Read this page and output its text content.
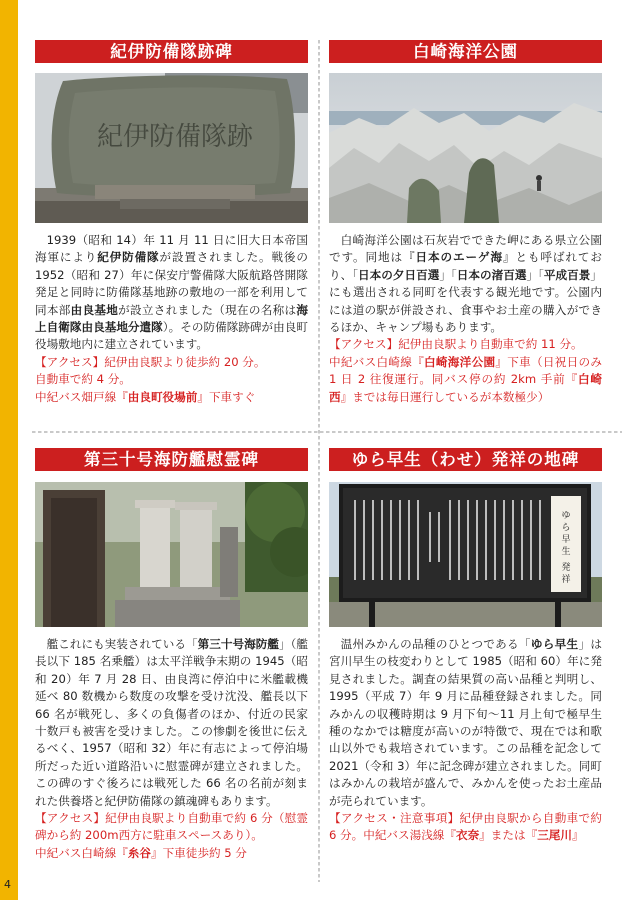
紀伊防備隊跡碑
紀伊防備隊跡
1939（昭和 14）年 11 月 11 日に旧大日本帝国海軍により紀伊防備隊が設置されました。戦後の 1952（昭和 27）年に保安庁警備隊大阪航路啓開隊発足と同時に防備隊基地跡の敷地の一部を利用して同本部由良基地が設立されました（現在の名称は海上自衛隊由良基地分遣隊）。その防備隊跡碑が由良町役場敷地内に建立されています。
【アクセス】紀伊由良駅より徒歩約 20 分。
自動車で約 4 分。
中紀バス畑戸線『由良町役場前』下車すぐ
白崎海洋公園
白崎海洋公園は石灰岩でできた岬にある県立公園です。同地は『日本のエーゲ海』とも呼ばれており、「日本の夕日百選」「日本の渚百選」「平成百景」にも選出される同町を代表する観光地です。公園内には道の駅が併設され、食事やお土産の購入ができるほか、キャンプ場もあります。
【アクセス】紀伊由良駅より自動車で約 11 分。
中紀バス白崎線『白崎海洋公園』下車（日祝日のみ 1 日 2 往復運行。同バス停の約 2km 手前『白崎西』までは毎日運行しているが本数極少）
第三十号海防艦慰霊碑
艦これにも実装されている「第三十号海防艦」（艦長以下 185 名乗艦）は太平洋戦争末期の 1945（昭和 20）年 7 月 28 日、由良湾に停泊中に米艦載機延べ 80 数機から数度の攻撃を受け沈没、艦長以下 66 名が戦死し、多くの負傷者のほか、付近の民家十数戸も被害を受けました。この惨劇を後世に伝えるべく、1957（昭和 32）年に有志によって停泊場所だった近い道路沿いに慰霊碑が建立されました。この碑のすぐ後ろには戦死した 66 名の名前が刻まれた供養塔と紀伊防備隊の鎮魂碑もあります。
【アクセス】紀伊由良駅より自動車で約 6 分（慰霊碑から約 200m西方に駐車スペースあり）。
中紀バス白崎線『糸谷』下車徒歩約 5 分
ゆら早生（わせ）発祥の地碑
ゆ
ら
早
生
発
祥
温州みかんの品種のひとつである「ゆら早生」は宮川早生の枝変わりとして 1985（昭和 60）年に発見されました。調査の結果質の高い品種と判明し、1995（平成 7）年 9 月に品種登録されました。同みかんの収穫時期は 9 月下旬〜11 月上旬で極早生種のなかでは糖度が高いのが特徴で、現在では和歌山以外でも栽培されています。この品種を記念して 2021（令和 3）年に記念碑が建立されました。同町はみかんの栽培が盛んで、みかんを使ったお土産品が売られています。
【アクセス・注意事項】紀伊由良駅から自動車で約 6 分。中紀バス湯浅線『衣奈』または『三尾川』
4
